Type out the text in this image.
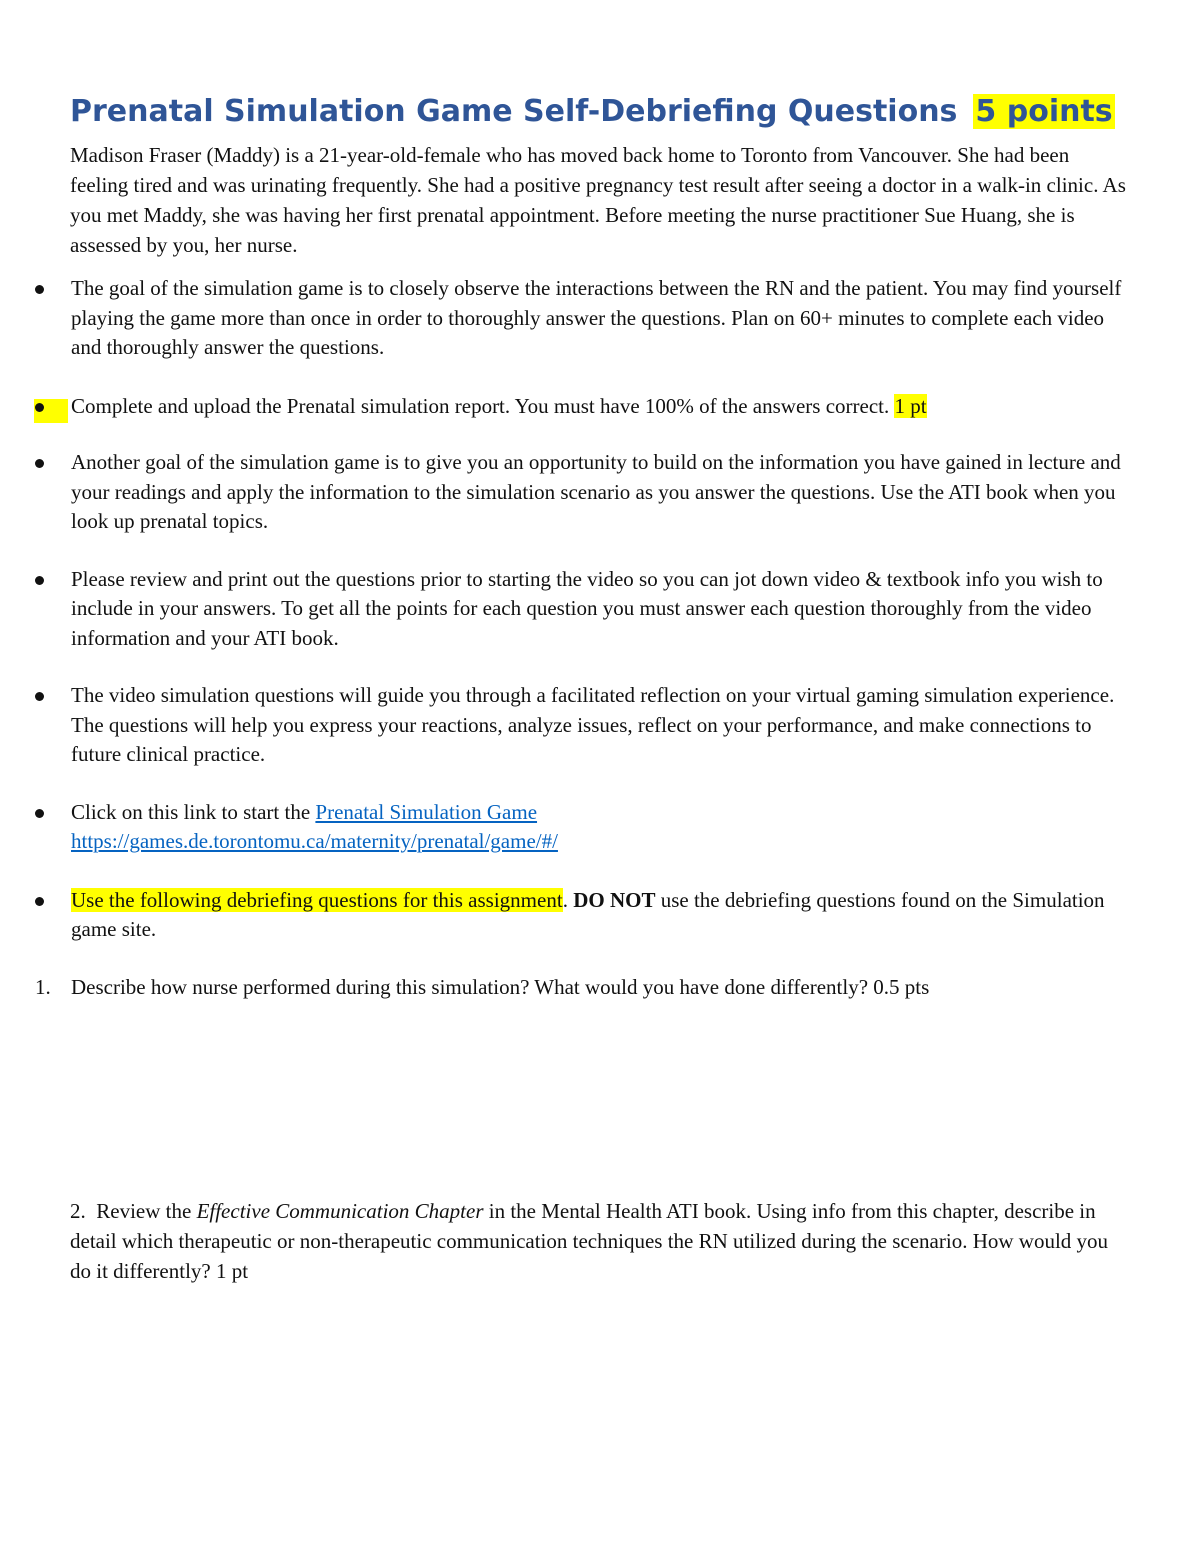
Prenatal Simulation Game Self-Debriefing Questions 5 points

Madison Fraser (Maddy) is a 21-year-old-female who has moved back home to Toronto from Vancouver. She had been feeling tired and was urinating frequently. She had a positive pregnancy test result after seeing a doctor in a walk-in clinic. As you met Maddy, she was having her first prenatal appointment. Before meeting the nurse practitioner Sue Huang, she is assessed by you, her nurse.

The goal of the simulation game is to closely observe the interactions between the RN and the patient. You may find yourself playing the game more than once in order to thoroughly answer the questions. Plan on 60+ minutes to complete each video and thoroughly answer the questions.
Complete and upload the Prenatal simulation report. You must have 100% of the answers correct. 1 pt
Another goal of the simulation game is to give you an opportunity to build on the information you have gained in lecture and your readings and apply the information to the simulation scenario as you answer the questions. Use the ATI book when you look up prenatal topics.
Please review and print out the questions prior to starting the video so you can jot down video & textbook info you wish to include in your answers. To get all the points for each question you must answer each question thoroughly from the video information and your ATI book.
The video simulation questions will guide you through a facilitated reflection on your virtual gaming simulation experience. The questions will help you express your reactions, analyze issues, reflect on your performance, and make connections to future clinical practice.
Click on this link to start the Prenatal Simulation Game
https://games.de.torontomu.ca/maternity/prenatal/game/#/
Use the following debriefing questions for this assignment. DO NOT use the debriefing questions found on the Simulation game site.
1. Describe how nurse performed during this simulation? What would you have done differently? 0.5 pts
2. Review the Effective Communication Chapter in the Mental Health ATI book. Using info from this chapter, describe in detail which therapeutic or non-therapeutic communication techniques the RN utilized during the scenario. How would you do it differently? 1 pt
